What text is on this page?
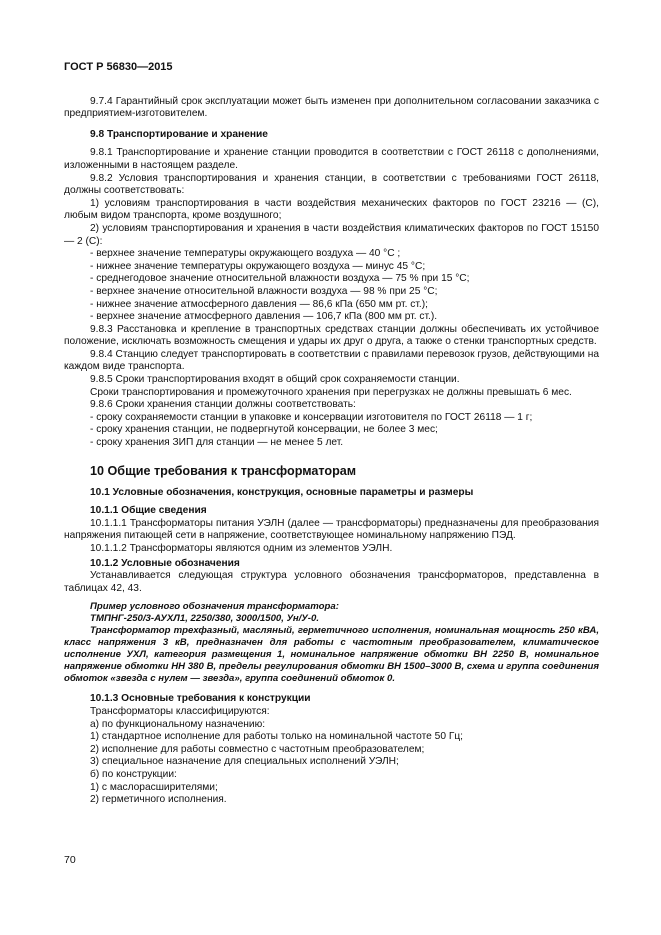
ГОСТ Р 56830—2015

9.7.4 Гарантийный срок эксплуатации может быть изменен при дополнительном согласовании заказчика с предприятием-изготовителем.

9.8 Транспортирование и хранение

9.8.1 Транспортирование и хранение станции проводится в соответствии с ГОСТ 26118 с дополнениями, изложенными в настоящем разделе.

9.8.2 Условия транспортирования и хранения станции, в соответствии с требованиями ГОСТ 26118, должны соответствовать:

1) условиям транспортирования в части воздействия механических факторов по ГОСТ 23216 — (С), любым видом транспорта, кроме воздушного;

2) условиям транспортирования и хранения в части воздействия климатических факторов по ГОСТ 15150 — 2 (С):

- верхнее значение температуры окружающего воздуха — 40 °С ;

- нижнее значение температуры окружающего воздуха — минус 45 °С;

- среднегодовое значение относительной влажности воздуха — 75 % при 15 °С;

- верхнее значение относительной влажности воздуха — 98 % при 25 °С;

- нижнее значение атмосферного давления — 86,6 кПа (650 мм рт. ст.);

- верхнее значение атмосферного давления — 106,7 кПа (800 мм рт. ст.).

9.8.3 Расстановка и крепление в транспортных средствах станции должны обеспечивать их устойчивое положение, исключать возможность смещения и удары их друг о друга, а также о стенки транспортных средств.

9.8.4 Станцию следует транспортировать в соответствии с правилами перевозок грузов, действующими на каждом виде транспорта.

9.8.5 Сроки транспортирования входят в общий срок сохраняемости станции.

Сроки транспортирования и промежуточного хранения при перегрузках не должны превышать 6 мес.

9.8.6 Сроки хранения станции должны соответствовать:

- сроку сохраняемости станции в упаковке и консервации изготовителя по ГОСТ 26118 — 1 г;

- сроку хранения станции, не подвергнутой консервации, не более 3 мес;

- сроку хранения ЗИП для станции — не менее 5 лет.

10 Общие требования к трансформаторам
10.1 Условные обозначения, конструкция, основные параметры и размеры
10.1.1 Общие сведения

10.1.1.1 Трансформаторы питания УЭЛН (далее — трансформаторы) предназначены для преобразования напряжения питающей сети в напряжение, соответствующее номинальному напряжению ПЭД.

10.1.1.2 Трансформаторы являются одним из элементов УЭЛН.

10.1.2 Условные обозначения

Устанавливается следующая структура условного обозначения трансформаторов, представленна в таблицах 42, 43.

Пример условного обозначения трансформатора:

ТМПНГ-250/3-АУХЛ1, 2250/380, 3000/1500, Ун/У-0.

Трансформатор трехфазный, масляный, герметичного исполнения, номинальная мощность 250 кВА, класс напряжения 3 кВ, предназначен для работы с частотным преобразователем, климатическое исполнение УХЛ, категория размещения 1, номинальное напряжение обмотки ВН 2250 В, номинальное напряжение обмотки НН 380 В, пределы регулирования обмотки ВН 1500–3000 В, схема и группа соединения обмоток «звезда с нулем — звезда», группа соединений обмоток 0.

10.1.3 Основные требования к конструкции

Трансформаторы классифицируются:

а) по функциональному назначению:

1) стандартное исполнение для работы только на номинальной частоте 50 Гц;

2) исполнение для работы совместно с частотным преобразователем;

3) специальное назначение для специальных исполнений УЭЛН;

б) по конструкции:

1) с маслорасширителями;

2) герметичного исполнения.

70
